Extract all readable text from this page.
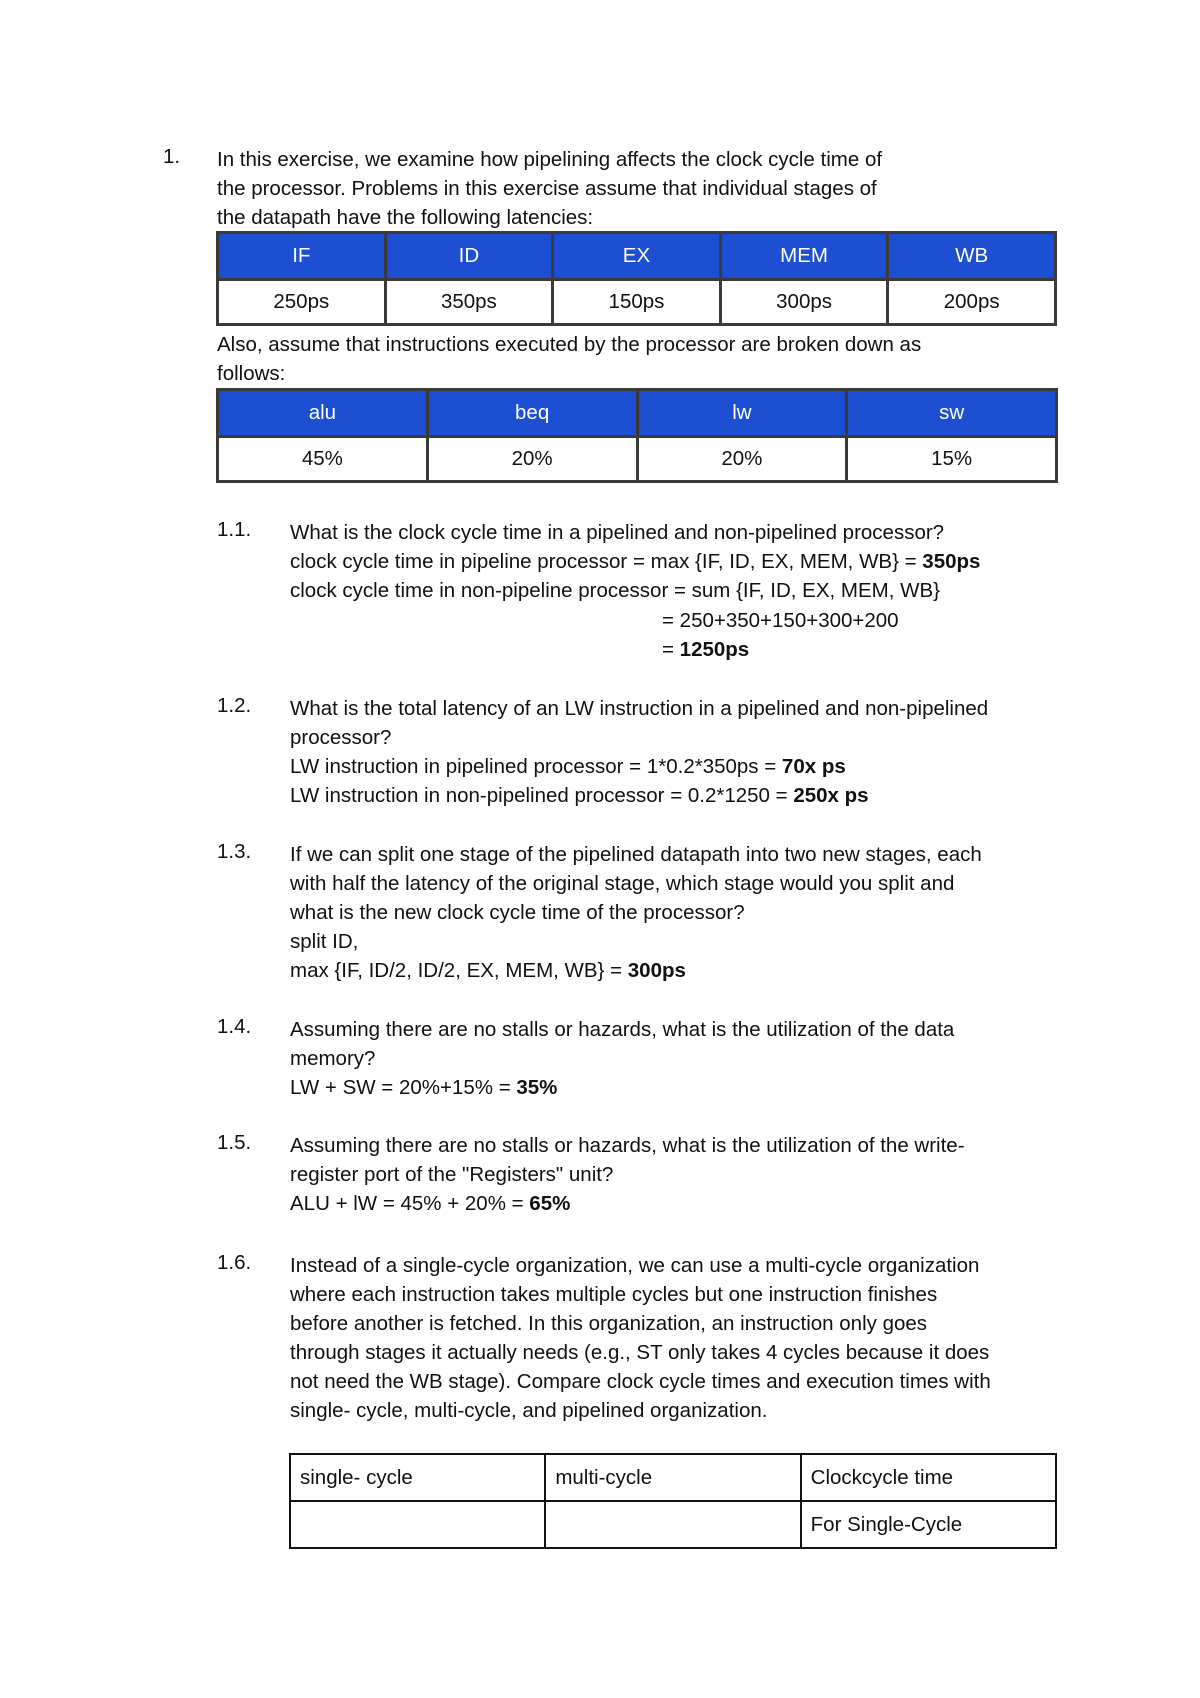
1. In this exercise, we examine how pipelining affects the clock cycle time of
the processor. Problems in this exercise assume that individual stages of
the datapath have the following latencies:
IF	ID	EX	MEM	WB
250ps	350ps	150ps	300ps	200ps
Also, assume that instructions executed by the processor are broken down as
follows:
alu	beq	lw	sw
45%	20%	20%	15%
1.1. What is the clock cycle time in a pipelined and non-pipelined processor?
clock cycle time in pipeline processor = max {IF, ID, EX, MEM, WB} = 350ps
clock cycle time in non-pipeline processor = sum {IF, ID, EX, MEM, WB}
= 250+350+150+300+200
= 1250ps
1.2. What is the total latency of an LW instruction in a pipelined and non-pipelined
processor?
LW instruction in pipelined processor = 1*0.2*350ps = 70x ps
LW instruction in non-pipelined processor = 0.2*1250 = 250x ps
1.3. If we can split one stage of the pipelined datapath into two new stages, each
with half the latency of the original stage, which stage would you split and
what is the new clock cycle time of the processor?
split ID,
max {IF, ID/2, ID/2, EX, MEM, WB} = 300ps
1.4. Assuming there are no stalls or hazards, what is the utilization of the data
memory?
LW + SW = 20%+15% = 35%
1.5. Assuming there are no stalls or hazards, what is the utilization of the write-
register port of the "Registers" unit?
ALU + lW = 45% + 20% = 65%
1.6. Instead of a single-cycle organization, we can use a multi-cycle organization
where each instruction takes multiple cycles but one instruction finishes
before another is fetched. In this organization, an instruction only goes
through stages it actually needs (e.g., ST only takes 4 cycles because it does
not need the WB stage). Compare clock cycle times and execution times with
single- cycle, multi-cycle, and pipelined organization.
single- cycle	multi-cycle	Clockcycle time
		For Single-Cycle
